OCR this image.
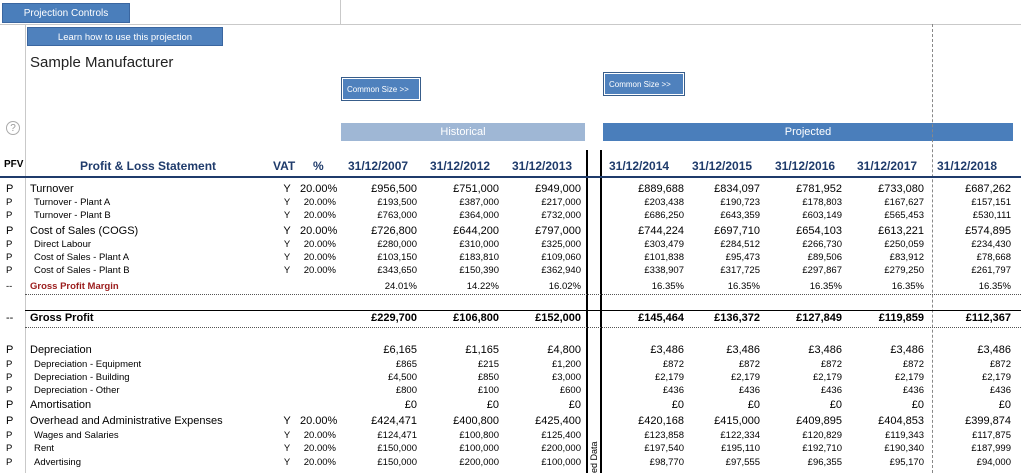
Projection Controls
Learn how to use this projection
Sample Manufacturer
Common Size >>
Common Size >>
?	Historical	Projected
ed Data
PFV	Profit & Loss Statement	VAT % 31/12/2007 31/12/2012 31/12/2013	31/12/2014 31/12/2015 31/12/2016 31/12/2017 31/12/2018
P Turnover	Y 20.00%	£956,500	£751,000	£949,000	£889,688	£834,097	£781,952	£733,080	£687,262
P	Turnover - Plant A	Y	20.00%	£193,500	£387,000	£217,000	£203,438	£190,723	£178,803	£167,627	£157,151
P	Turnover - Plant B	Y	20.00%	£763,000	£364,000	£732,000	£686,250	£643,359	£603,149	£565,453	£530,111
P Cost of Sales (COGS)	Y 20.00%	£726,800	£644,200	£797,000	£744,224	£697,710	£654,103	£613,221	£574,895
P	Direct Labour	Y	20.00%	£280,000	£310,000	£325,000	£303,479	£284,512	£266,730	£250,059	£234,430
P	Cost of Sales - Plant A	Y	20.00%	£103,150	£183,810	£109,060	£101,838	£95,473	£89,506	£83,912	£78,668
P	Cost of Sales - Plant B	Y	20.00%	£343,650	£150,390	£362,940	£338,907	£317,725	£297,867	£279,250	£261,797
--	Gross Profit Margin	24.01%	14.22%	16.02%	16.35%	16.35%	16.35%	16.35%	16.35%
-- Gross Profit	£229,700	£106,800	£152,000	£145,464	£136,372	£127,849	£119,859	£112,367
P Depreciation	£6,165	£1,165	£4,800	£3,486	£3,486	£3,486	£3,486	£3,486
P	Depreciation - Equipment	£865	£215	£1,200	£872	£872	£872	£872	£872
P	Depreciation - Building	£4,500	£850	£3,000	£2,179	£2,179	£2,179	£2,179	£2,179
P	Depreciation - Other	£800	£100	£600	£436	£436	£436	£436	£436
P Amortisation	£0	£0	£0	£0	£0	£0	£0	£0
P Overhead and Administrative Expenses	Y 20.00%	£424,471	£400,800	£425,400	£420,168	£415,000	£409,895	£404,853	£399,874
P	Wages and Salaries	Y	20.00%	£124,471	£100,800	£125,400	£123,858	£122,334	£120,829	£119,343	£117,875
P	Rent	Y	20.00%	£150,000	£100,000	£200,000	£197,540	£195,110	£192,710	£190,340	£187,999
P	Advertising	Y	20.00%	£150,000	£200,000	£100,000	£98,770	£97,555	£96,355	£95,170	£94,000
